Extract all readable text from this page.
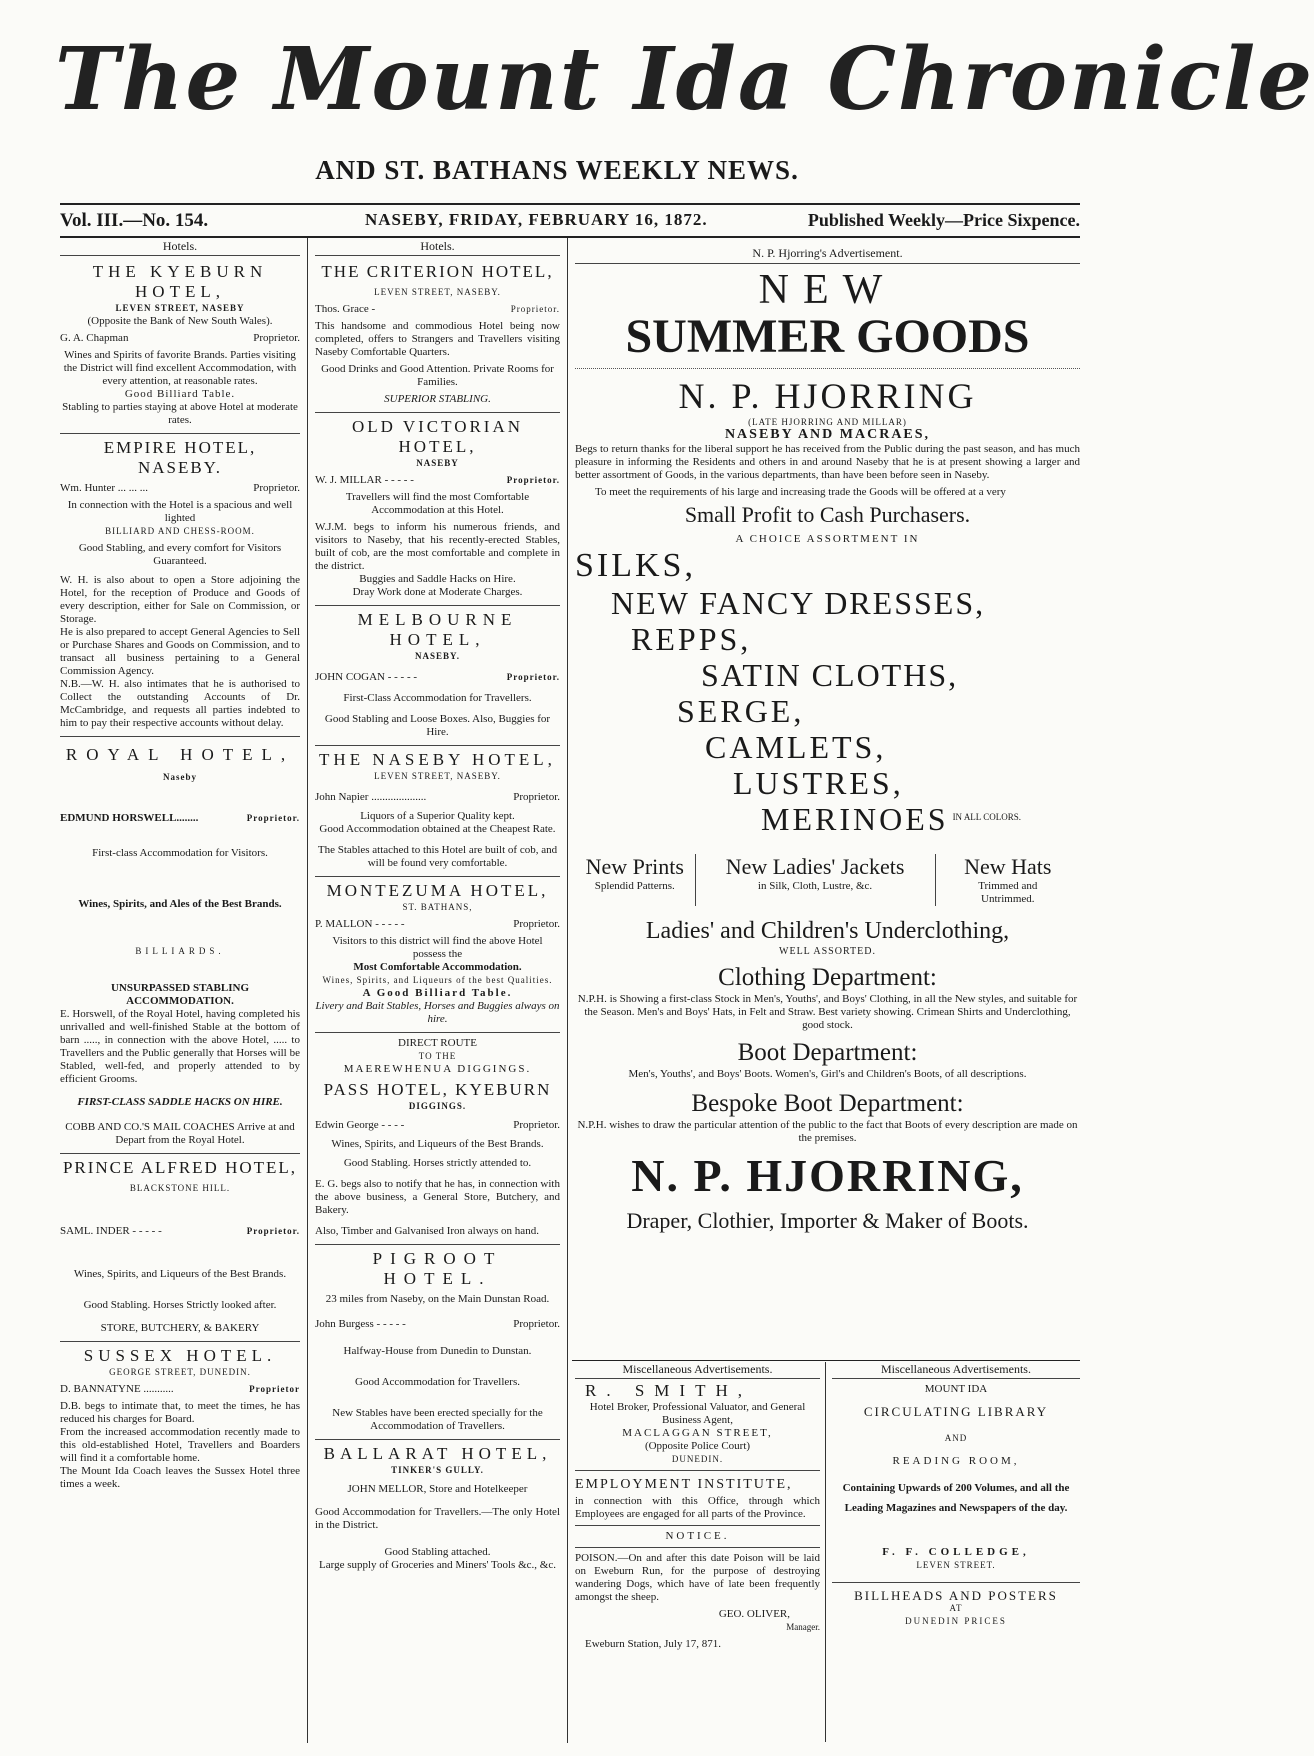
The Mount Ida Chronicle
AND ST. BATHANS WEEKLY NEWS.
Vol. III.—No. 154.	NASEBY, FRIDAY, FEBRUARY 16, 1872.	Published Weekly—Price Sixpence.
Hotels.
THE KYEBURN HOTEL,

LEVEN STREET, NASEBY

(Opposite the Bank of New South Wales).

G. A. Chapman	Proprietor.

Wines and Spirits of favorite Brands. Parties visiting the District will find excellent Accommodation, with every attention, at reasonable rates.

Good Billiard Table.

Stabling to parties staying at above Hotel at moderate rates.

EMPIRE HOTEL, NASEBY.
Wm. Hunter ... ... ...	Proprietor.

In connection with the Hotel is a spacious and well lighted

BILLIARD AND CHESS-ROOM.

Good Stabling, and every comfort for Visitors Guaranteed.

W. H. is also about to open a Store adjoining the Hotel, for the reception of Produce and Goods of every description, either for Sale on Commission, or Storage.

He is also prepared to accept General Agencies to Sell or Purchase Shares and Goods on Commission, and to transact all business pertaining to a General Commission Agency.

N.B.—W. H. also intimates that he is authorised to Collect the outstanding Accounts of Dr. McCambridge, and requests all parties indebted to him to pay their respective accounts without delay.

ROYAL HOTEL,

Naseby

EDMUND HORSWELL........	Proprietor.

First-class Accommodation for Visitors.

Wines, Spirits, and Ales of the Best Brands.

BILLIARDS.

UNSURPASSED STABLING ACCOMMODATION.

E. Horswell, of the Royal Hotel, having completed his unrivalled and well-finished Stable at the bottom of barn ....., in connection with the above Hotel, ..... to Travellers and the Public generally that Horses will be Stabled, well-fed, and properly attended to by efficient Grooms.

FIRST-CLASS SADDLE HACKS ON HIRE.

COBB AND CO.'S MAIL COACHES Arrive at and Depart from the Royal Hotel.

PRINCE ALFRED HOTEL,

BLACKSTONE HILL.

SAML. INDER - - - - -	Proprietor.

Wines, Spirits, and Liqueurs of the Best Brands.

Good Stabling. Horses Strictly looked after.

STORE, BUTCHERY, & BAKERY

SUSSEX HOTEL.

GEORGE STREET, DUNEDIN.

D. BANNATYNE ...........	Proprietor

D.B. begs to intimate that, to meet the times, he has reduced his charges for Board.

From the increased accommodation recently made to this old-established Hotel, Travellers and Boarders will find it a comfortable home.

The Mount Ida Coach leaves the Sussex Hotel three times a week.

Hotels.
THE CRITERION HOTEL,

LEVEN STREET, NASEBY.

Thos. Grace -	Proprietor.

This handsome and commodious Hotel being now completed, offers to Strangers and Travellers visiting Naseby Comfortable Quarters.

Good Drinks and Good Attention. Private Rooms for Families.

SUPERIOR STABLING.

OLD VICTORIAN HOTEL,

NASEBY

W. J. MILLAR - - - - -	Proprietor.

Travellers will find the most Comfortable Accommodation at this Hotel.

W.J.M. begs to inform his numerous friends, and visitors to Naseby, that his recently-erected Stables, built of cob, are the most comfortable and complete in the district.

Buggies and Saddle Hacks on Hire.

Dray Work done at Moderate Charges.

MELBOURNE HOTEL,

NASEBY.

JOHN COGAN - - - - -	Proprietor.

First-Class Accommodation for Travellers.

Good Stabling and Loose Boxes. Also, Buggies for Hire.

THE NASEBY HOTEL,

LEVEN STREET, NASEBY.

John Napier ....................	Proprietor.

Liquors of a Superior Quality kept.

Good Accommodation obtained at the Cheapest Rate.

The Stables attached to this Hotel are built of cob, and will be found very comfortable.

MONTEZUMA HOTEL,

ST. BATHANS,

P. MALLON - - - - -	Proprietor.

Visitors to this district will find the above Hotel possess the

Most Comfortable Accommodation.

Wines, Spirits, and Liqueurs of the best Qualities.

A Good Billiard Table.

Livery and Bait Stables, Horses and Buggies always on hire.

DIRECT ROUTE

TO THE

MAEREWHENUA DIGGINGS.

PASS HOTEL, KYEBURN

DIGGINGS.

Edwin George - - - -	Proprietor.

Wines, Spirits, and Liqueurs of the Best Brands.

Good Stabling. Horses strictly attended to.

E. G. begs also to notify that he has, in connection with the above business, a General Store, Butchery, and Bakery.

Also, Timber and Galvanised Iron always on hand.

PIGROOT HOTEL.

23 miles from Naseby, on the Main Dunstan Road.

John Burgess - - - - -	Proprietor.

Halfway-House from Dunedin to Dunstan.

Good Accommodation for Travellers.

New Stables have been erected specially for the Accommodation of Travellers.

BALLARAT HOTEL,

TINKER'S GULLY.

JOHN MELLOR, Store and Hotelkeeper

Good Accommodation for Travellers.—The only Hotel in the District.

Good Stabling attached.

Large supply of Groceries and Miners' Tools &c., &c.

N. P. Hjorring's Advertisement.
NEW
SUMMER GOODS
N. P. HJORRING
(LATE HJORRING AND MILLAR)
NASEBY AND MACRAES,

Begs to return thanks for the liberal support he has received from the Public during the past season, and has much pleasure in informing the Residents and others in and around Naseby that he is at present showing a larger and better assortment of Goods, in the various departments, than have been before seen in Naseby.

To meet the requirements of his large and increasing trade the Goods will be offered at a very

Small Profit to Cash Purchasers.
A CHOICE ASSORTMENT IN
SILKS,
NEW FANCY DRESSES,
REPPS,
SATIN CLOTHS,
SERGE,
CAMLETS,
LUSTRES,
MERINOES IN ALL COLORS.
New Prints
Splendid Patterns.
New Ladies' Jackets
in Silk, Cloth, Lustre, &c.
New Hats
Trimmed and Untrimmed.
Ladies' and Children's Underclothing,
WELL ASSORTED.
Clothing Department:

N.P.H. is Showing a first-class Stock in Men's, Youths', and Boys' Clothing, in all the New styles, and suitable for the Season. Men's and Boys' Hats, in Felt and Straw. Best variety showing. Crimean Shirts and Underclothing, good stock.

Boot Department:

Men's, Youths', and Boys' Boots. Women's, Girl's and Children's Boots, of all descriptions.

Bespoke Boot Department:

N.P.H. wishes to draw the particular attention of the public to the fact that Boots of every description are made on the premises.

N. P. HJORRING,
Draper, Clothier, Importer & Maker of Boots.
Miscellaneous Advertisements.
R. SMITH,

Hotel Broker, Professional Valuator, and General Business Agent,

MACLAGGAN STREET,

(Opposite Police Court)

DUNEDIN.

EMPLOYMENT INSTITUTE,

in connection with this Office, through which Employees are engaged for all parts of the Province.

NOTICE.

POISON.—On and after this date Poison will be laid on Eweburn Run, for the purpose of destroying wandering Dogs, which have of late been frequently amongst the sheep.

GEO. OLIVER,

Manager.

Eweburn Station, July 17, 871.

Miscellaneous Advertisements.

MOUNT IDA

CIRCULATING LIBRARY

AND

READING ROOM,

Containing Upwards of 200 Volumes, and all the Leading Magazines and Newspapers of the day.

F. F. COLLEDGE,

LEVEN STREET.

BILLHEADS AND POSTERS

AT

DUNEDIN PRICES
